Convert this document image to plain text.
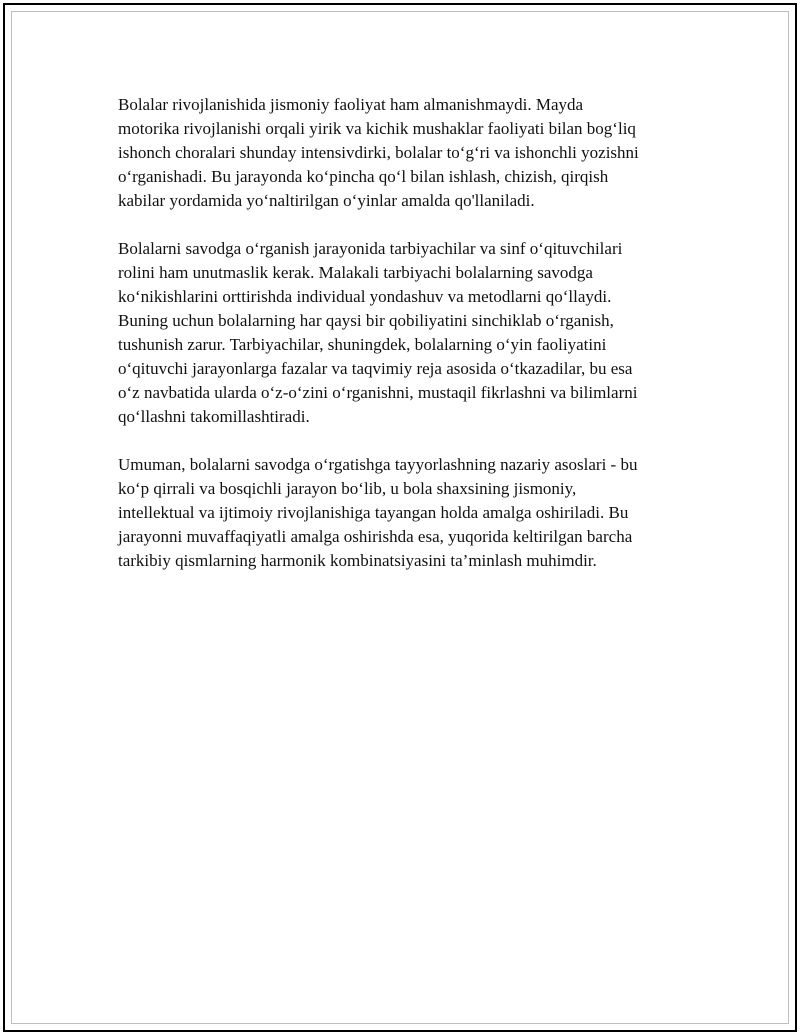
Bolalar rivojlanishida jismoniy faoliyat ham almanishmaydi. Mayda
motorika rivojlanishi orqali yirik va kichik mushaklar faoliyati bilan bog‘liq
ishonch choralari shunday intensivdirki, bolalar to‘g‘ri va ishonchli yozishni
o‘rganishadi. Bu jarayonda ko‘pincha qo‘l bilan ishlash, chizish, qirqish
kabilar yordamida yo‘naltirilgan o‘yinlar amalda qo'llaniladi.

Bolalarni savodga o‘rganish jarayonida tarbiyachilar va sinf o‘qituvchilari
rolini ham unutmaslik kerak. Malakali tarbiyachi bolalarning savodga
ko‘nikishlarini orttirishda individual yondashuv va metodlarni qo‘llaydi.
Buning uchun bolalarning har qaysi bir qobiliyatini sinchiklab o‘rganish,
tushunish zarur. Tarbiyachilar, shuningdek, bolalarning o‘yin faoliyatini
o‘qituvchi jarayonlarga fazalar va taqvimiy reja asosida o‘tkazadilar, bu esa
o‘z navbatida ularda o‘z-o‘zini o‘rganishni, mustaqil fikrlashni va bilimlarni
qo‘llashni takomillashtiradi.

Umuman, bolalarni savodga o‘rgatishga tayyorlashning nazariy asoslari - bu
ko‘p qirrali va bosqichli jarayon bo‘lib, u bola shaxsining jismoniy,
intellektual va ijtimoiy rivojlanishiga tayangan holda amalga oshiriladi. Bu
jarayonni muvaffaqiyatli amalga oshirishda esa, yuqorida keltirilgan barcha
tarkibiy qismlarning harmonik kombinatsiyasini ta’minlash muhimdir.
